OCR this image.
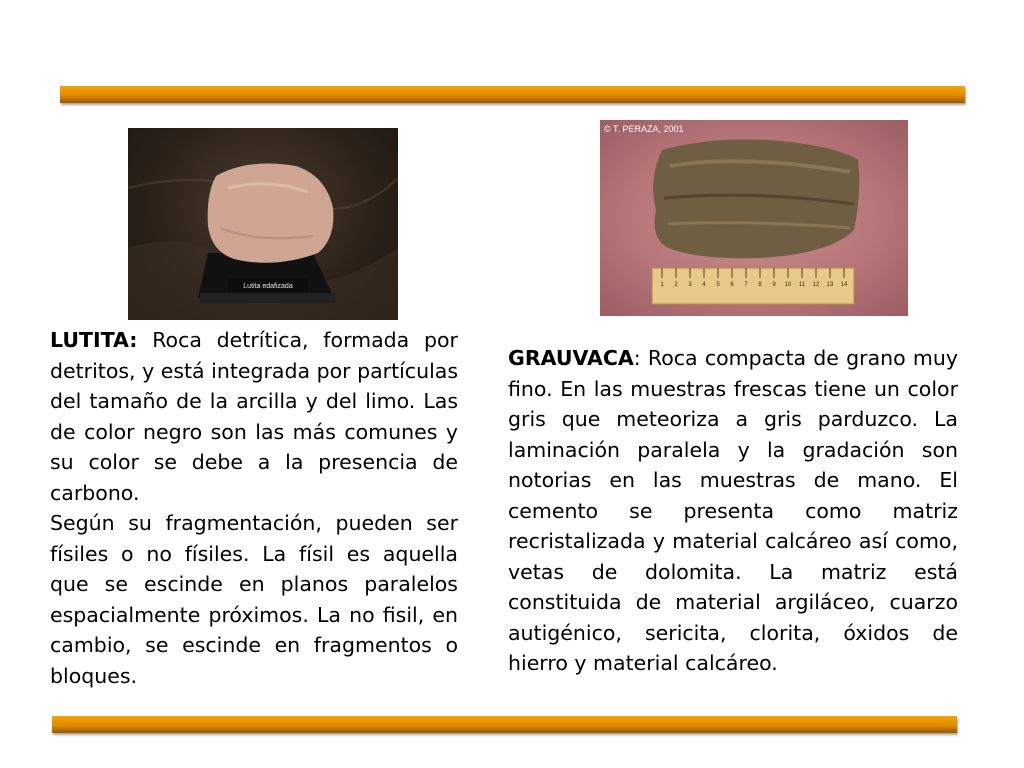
Lutita edafizada
© T. PERAZA, 2001
1 2 3 4 5 6 7 8 9 10 11 12 13 14

LUTITA: Roca detrítica, formada por detritos, y está integrada por partículas del tamaño de la arcilla y del limo. Las de color negro son las más comunes y su color se debe a la presencia de carbono.

Según su fragmentación, pueden ser físiles o no físiles. La físil es aquella que se escinde en planos paralelos espacialmente próximos. La no fisil, en cambio, se escinde en fragmentos o bloques.

GRAUVACA: Roca compacta de grano muy fino. En las muestras frescas tiene un color gris que meteoriza a gris parduzco. La laminación paralela y la gradación son notorias en las muestras de mano. El cemento se presenta como matriz recristalizada y material calcáreo así como, vetas de dolomita. La matriz está constituida de material argiláceo, cuarzo autigénico, sericita, clorita, óxidos de hierro y material calcáreo.
